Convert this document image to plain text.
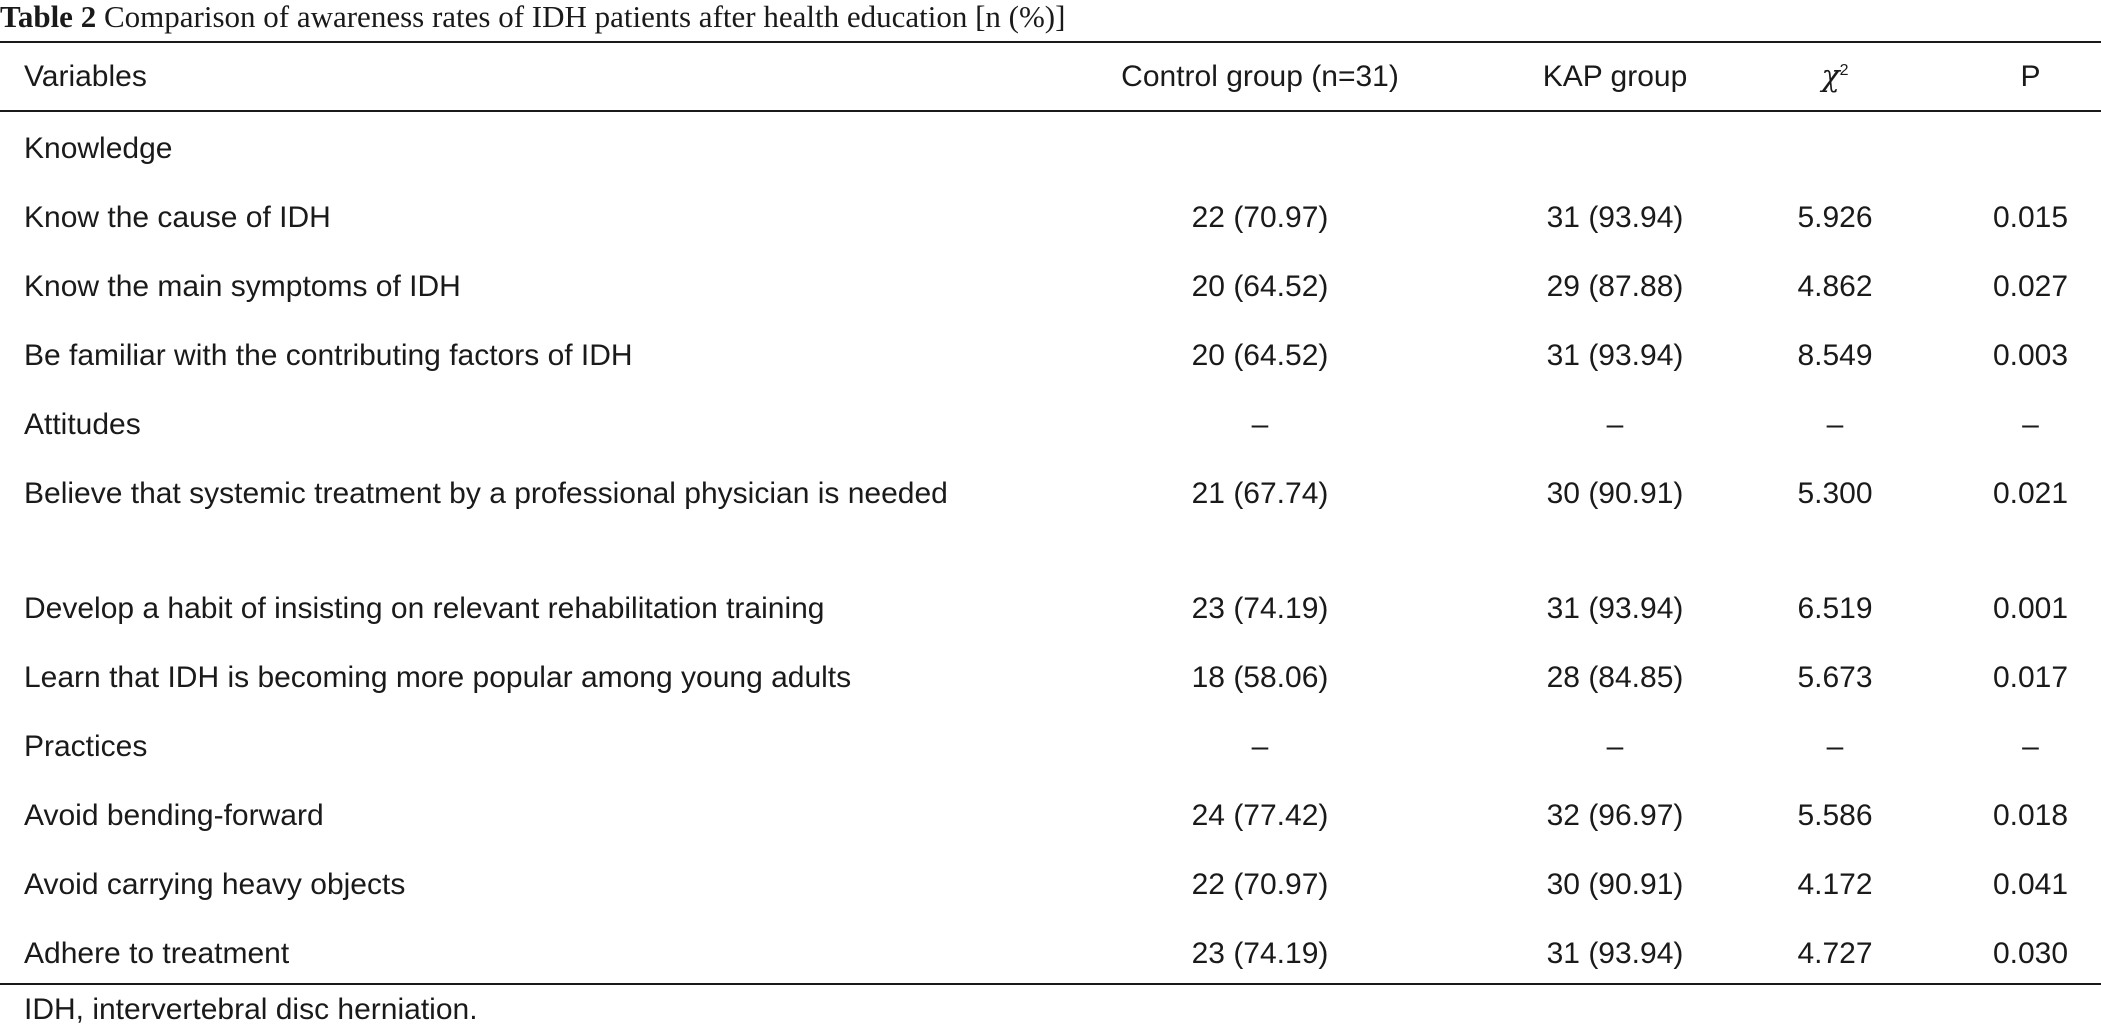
Table 2 Comparison of awareness rates of IDH patients after health education [n (%)]
Variables	Control group (n=31)	KAP group	$\chi^2$	P
Knowledge				
Know the cause of IDH	22 (70.97)	31 (93.94)	5.926	0.015
Know the main symptoms of IDH	20 (64.52)	29 (87.88)	4.862	0.027
Be familiar with the contributing factors of IDH	20 (64.52)	31 (93.94)	8.549	0.003
Attitudes	–	–	–	–
Believe that systemic treatment by a professional physician is needed	21 (67.74)	30 (90.91)	5.300	0.021
Develop a habit of insisting on relevant rehabilitation training	23 (74.19)	31 (93.94)	6.519	0.001
Learn that IDH is becoming more popular among young adults	18 (58.06)	28 (84.85)	5.673	0.017
Practices	–	–	–	–
Avoid bending-forward	24 (77.42)	32 (96.97)	5.586	0.018
Avoid carrying heavy objects	22 (70.97)	30 (90.91)	4.172	0.041
Adhere to treatment	23 (74.19)	31 (93.94)	4.727	0.030
IDH, intervertebral disc herniation.
